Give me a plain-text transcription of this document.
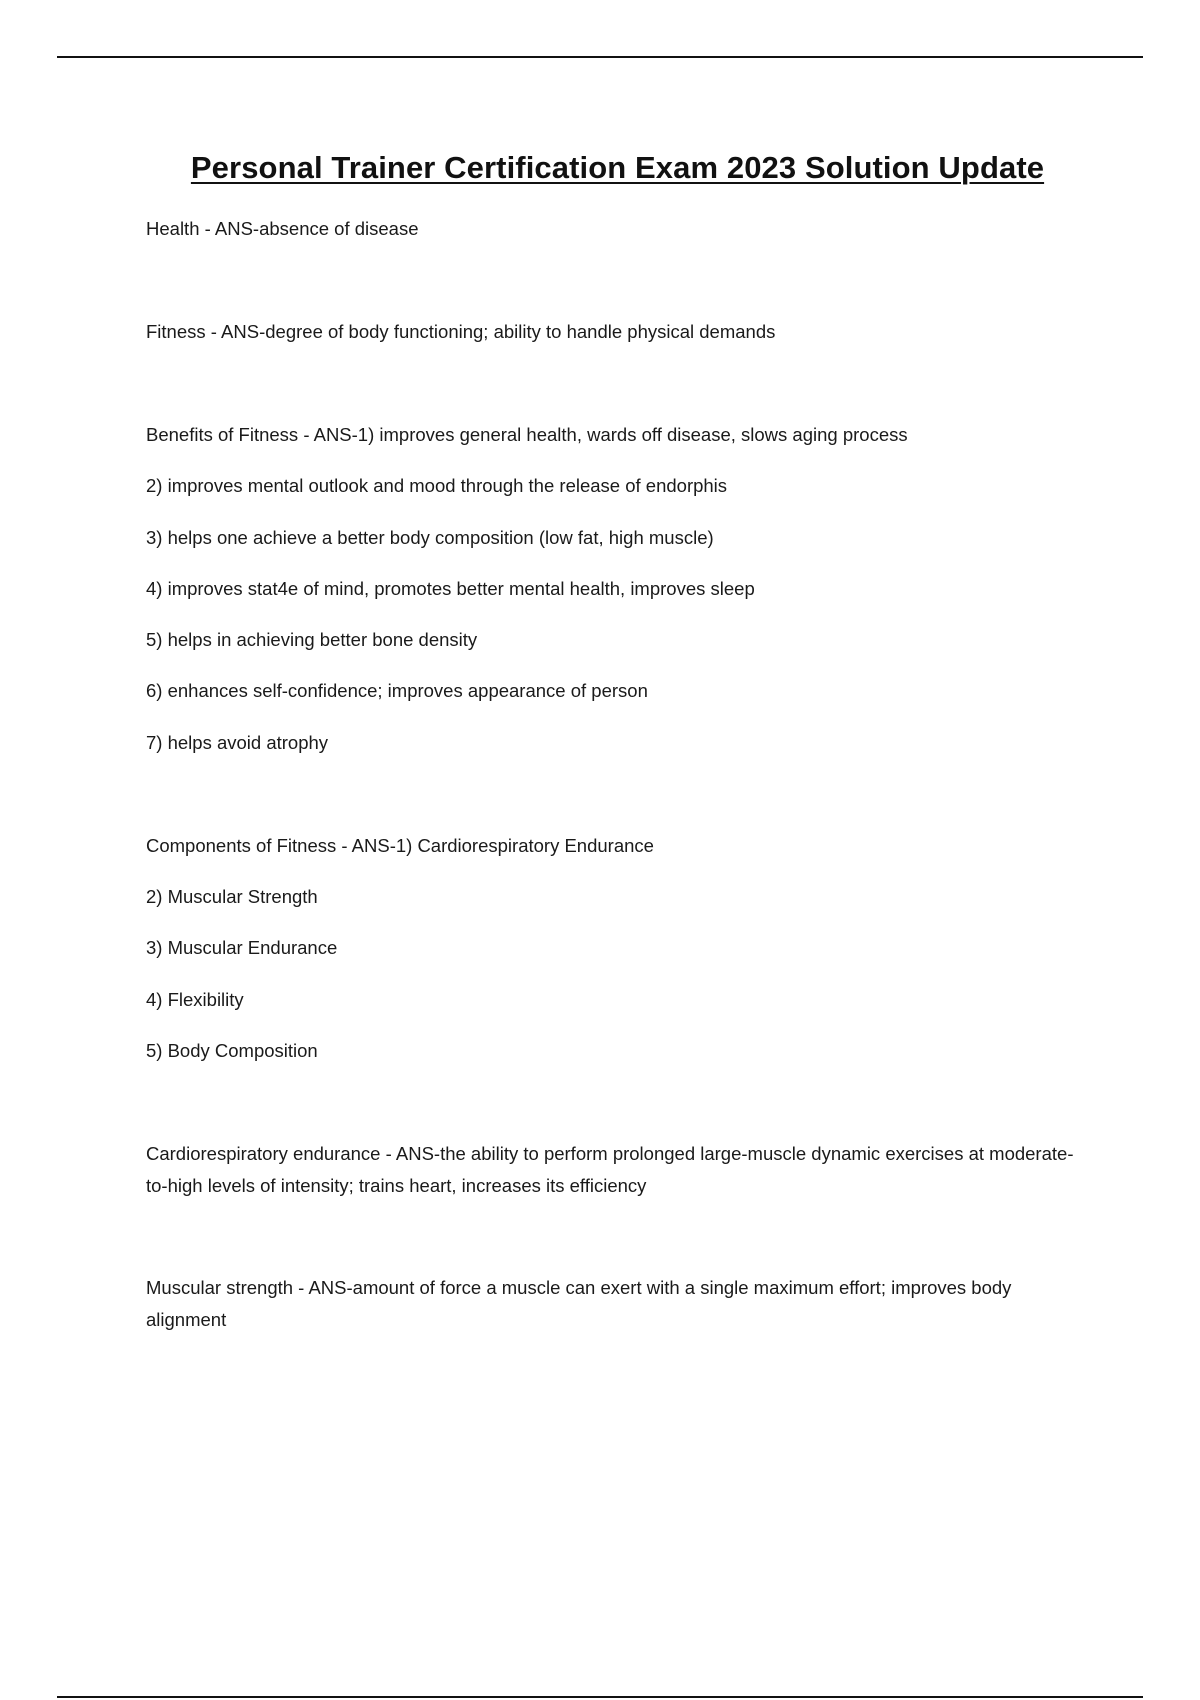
Personal Trainer Certification Exam 2023 Solution Update
Health - ANS-absence of disease
Fitness - ANS-degree of body functioning; ability to handle physical demands
Benefits of Fitness - ANS-1) improves general health, wards off disease, slows aging process
2) improves mental outlook and mood through the release of endorphis
3) helps one achieve a better body composition (low fat, high muscle)
4) improves stat4e of mind, promotes better mental health, improves sleep
5) helps in achieving better bone density
6) enhances self-confidence; improves appearance of person
7) helps avoid atrophy
Components of Fitness - ANS-1) Cardiorespiratory Endurance
2) Muscular Strength
3) Muscular Endurance
4) Flexibility
5) Body Composition
Cardiorespiratory endurance - ANS-the ability to perform prolonged large-muscle dynamic exercises at moderate-to-high levels of intensity; trains heart, increases its efficiency
Muscular strength - ANS-amount of force a muscle can exert with a single maximum effort; improves body alignment
